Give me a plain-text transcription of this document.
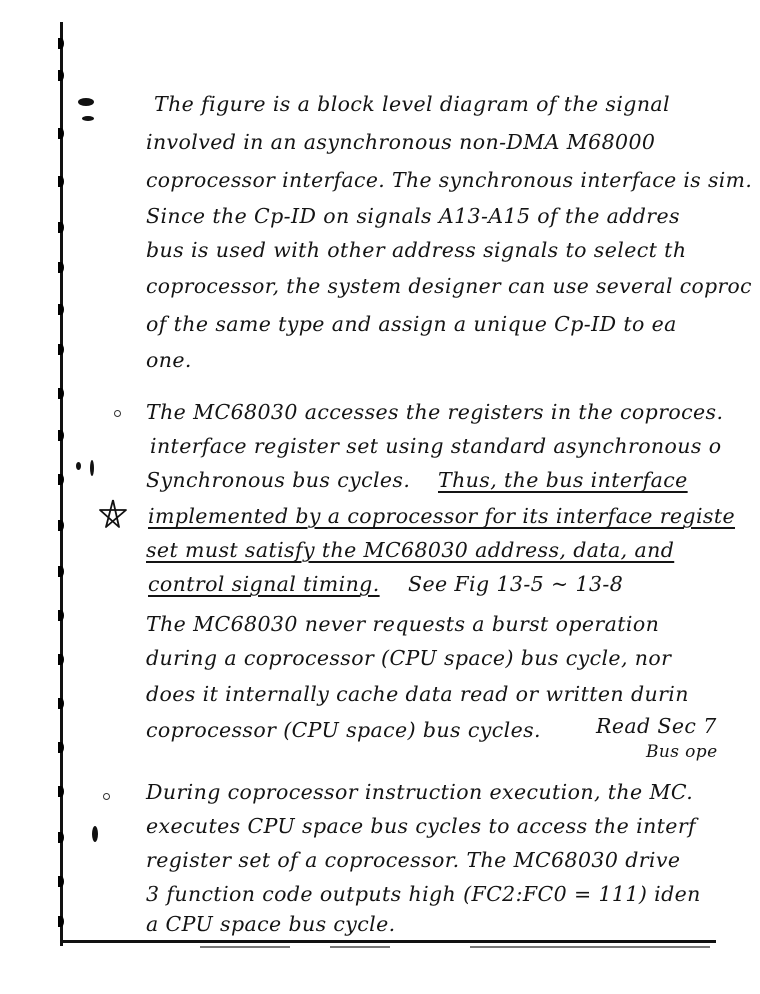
The figure is a block level diagram of the signal

involved in an asynchronous non-DMA M68000

coprocessor interface. The synchronous interface is sim.

Since the Cp-ID on signals A13-A15 of the addres

bus is used with other address signals to select th

coprocessor, the system designer can use several coproc

of the same type and assign a unique Cp-ID to ea

one.

The MC68030 accesses the registers in the coproces.

interface register set using standard asynchronous o

Synchronous bus cycles. Thus, the bus interface

implemented by a coprocessor for its interface registe

set must satisfy the MC68030 address, data, and

control signal timing. See Fig 13-5 ~ 13-8

The MC68030 never requests a burst operation

during a coprocessor (CPU space) bus cycle, nor

does it internally cache data read or written durin

coprocessor (CPU space) bus cycles.	Read Sec 7

Bus ope

During coprocessor instruction execution, the MC.

executes CPU space bus cycles to access the interf

register set of a coprocessor. The MC68030 drive

3 function code outputs high (FC2:FC0 = 111) iden

a CPU space bus cycle.
